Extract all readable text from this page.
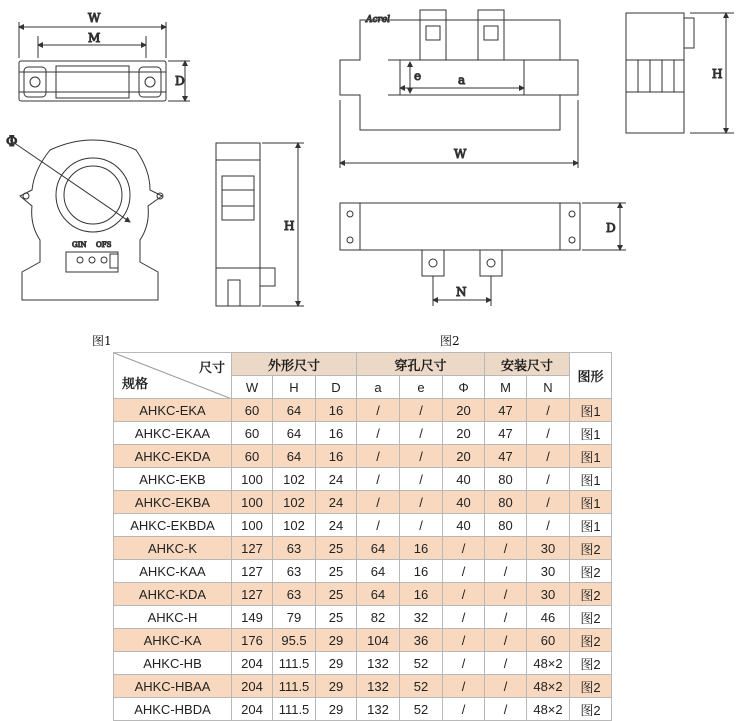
W
M
D
Φ
GIN OFS
H
Acrel
e	a
W
H
D
N
图1	图2
尺寸
规格	外形尺寸			穿孔尺寸			安装尺寸		图形
	W	H	D	a	e	Φ	M	N	
AHKC-EKA	60	64	16	/	/	20	47	/	图1
AHKC-EKAA	60	64	16	/	/	20	47	/	图1
AHKC-EKDA	60	64	16	/	/	20	47	/	图1
AHKC-EKB	100	102	24	/	/	40	80	/	图1
AHKC-EKBA	100	102	24	/	/	40	80	/	图1
AHKC-EKBDA	100	102	24	/	/	40	80	/	图1
AHKC-K	127	63	25	64	16	/	/	30	图2
AHKC-KAA	127	63	25	64	16	/	/	30	图2
AHKC-KDA	127	63	25	64	16	/	/	30	图2
AHKC-H	149	79	25	82	32	/	/	46	图2
AHKC-KA	176	95.5	29	104	36	/	/	60	图2
AHKC-HB	204	111.5	29	132	52	/	/	48×2	图2
AHKC-HBAA	204	111.5	29	132	52	/	/	48×2	图2
AHKC-HBDA	204	111.5	29	132	52	/	/	48×2	图2
